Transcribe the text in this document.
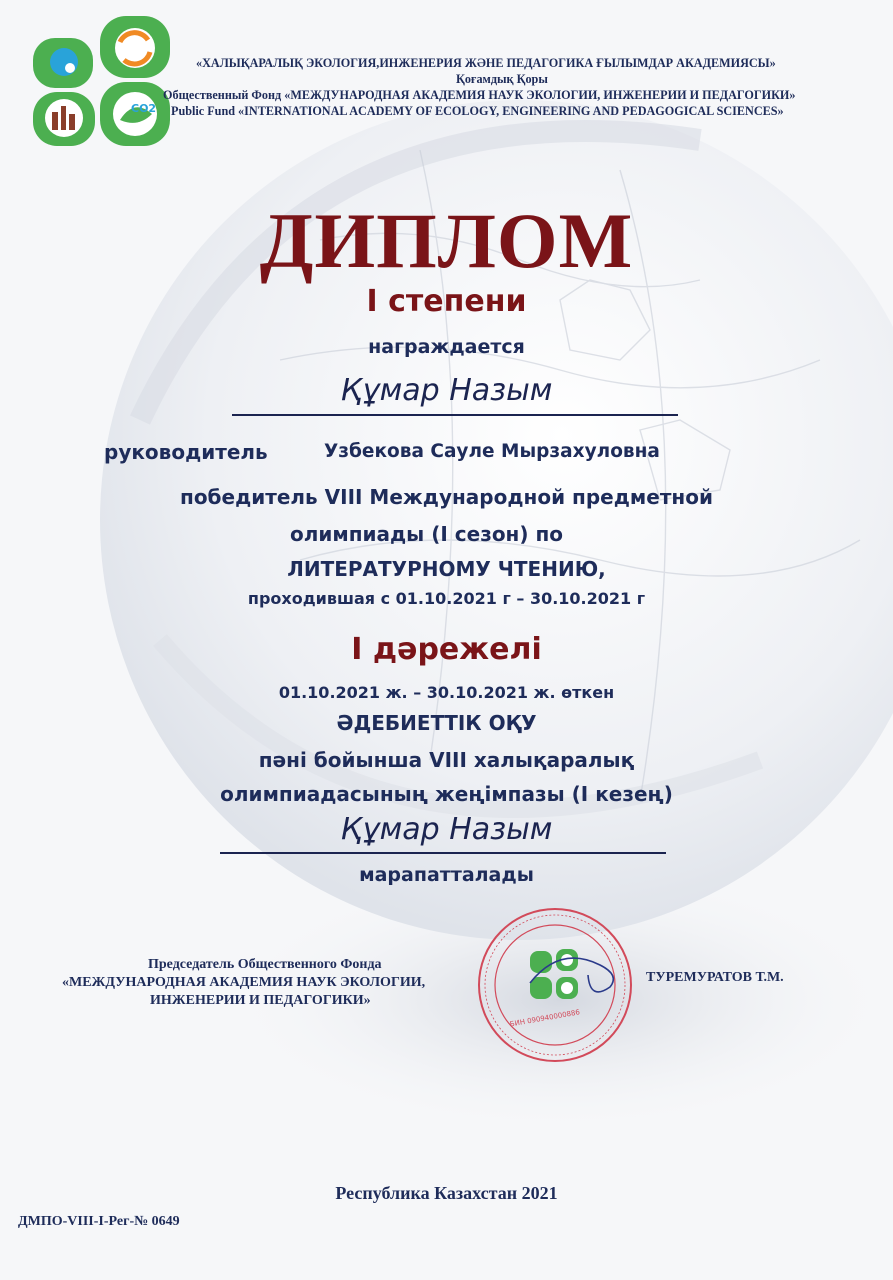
CO2
«ХАЛЫҚАРАЛЫҚ ЭКОЛОГИЯ,ИНЖЕНЕРИЯ ЖӘНЕ ПЕДАГОГИКА ҒЫЛЫМДАР АКАДЕМИЯСЫ»
Қоғамдық Қоры
Общественный Фонд «МЕЖДУНАРОДНАЯ АКАДЕМИЯ НАУК ЭКОЛОГИИ, ИНЖЕНЕРИИ И ПЕДАГОГИКИ»
Public Fund «INTERNATIONAL ACADEMY OF ECOLOGY, ENGINEERING AND PEDAGOGICAL SCIENCES»
ДИПЛОМ
I степени
награждается
Құмар Назым
руководитель	Узбекова Сауле Мырзахуловна
победитель VIII Международной предметной
олимпиады (I сезон) по
ЛИТЕРАТУРНОМУ ЧТЕНИЮ,
проходившая с 01.10.2021 г – 30.10.2021 г
I дәрежелі
01.10.2021 ж. – 30.10.2021 ж. өткен
ӘДЕБИЕТТІК ОҚУ
пәні бойынша VIII халықаралық
олимпиадасының жеңімпазы (I кезең)
Құмар Назым
марапатталады
Председатель Общественного Фонда
«МЕЖДУНАРОДНАЯ АКАДЕМИЯ НАУК ЭКОЛОГИИ,
ИНЖЕНЕРИИ И ПЕДАГОГИКИ»
ТУРЕМУРАТОВ Т.М.
БИН 090940000886
Республика Казахстан 2021
ДМПО-VIII-I-Рег-№ 0649
